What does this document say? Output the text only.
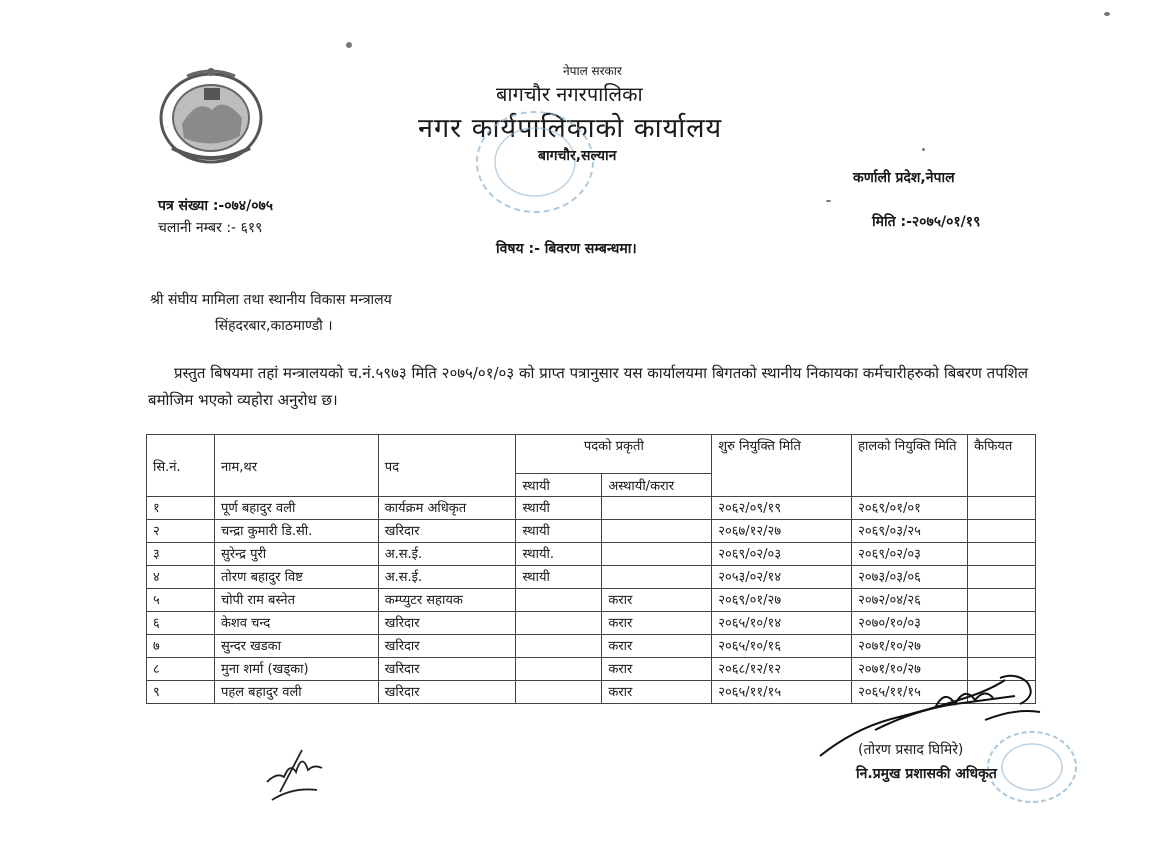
नेपाल सरकार
बागचौर नगरपालिका
नगर कार्यपालिकाको कार्यालय
बागचौर,सल्यान
कर्णाली प्रदेश,नेपाल
पत्र संख्या :-०७४/०७५
चलानी नम्बर :- ६१९	मिति :-२०७५/०१/१९
विषय :- बिवरण सम्बन्धमा।
श्री संघीय मामिला तथा स्थानीय विकास मन्त्रालय
सिंहदरबार,काठमाण्डौ ।
प्रस्तुत बिषयमा तहां मन्त्रालयको च.नं.५९७३ मिति २०७५/०१/०३ को प्राप्त पत्रानुसार यस कार्यालयमा बिगतको स्थानीय निकायका कर्मचारीहरुको बिबरण तपशिल बमोजिम भएको व्यहोरा अनुरोध छ।
सि.नं.	नाम,थर	पद	पदको प्रकृती		शुरु नियुक्ति मिति	हालको नियुक्ति मिति	कैफियत
			स्थायी	अस्थायी/करार			
१	पूर्ण बहादुर वली	कार्यक्रम अधिकृत	स्थायी		२०६२/०९/१९	२०६९/०१/०१	
२	चन्द्रा कुमारी डि.सी.	खरिदार	स्थायी		२०६७/१२/२७	२०६९/०३/२५	
३	सुरेन्द्र पुरी	अ.स.ई.	स्थायी.		२०६९/०२/०३	२०६९/०२/०३	
४	तोरण बहादुर विष्ट	अ.स.ई.	स्थायी		२०५३/०२/१४	२०७३/०३/०६	
५	चोपी राम बस्नेत	कम्प्युटर सहायक		करार	२०६९/०१/२७	२०७२/०४/२६	
६	केशव चन्द	खरिदार		करार	२०६५/१०/१४	२०७०/१०/०३	
७	सुन्दर खडका	खरिदार		करार	२०६५/१०/१६	२०७१/१०/२७	
८	मुना शर्मा (खड्का)	खरिदार		करार	२०६८/१२/१२	२०७१/१०/२७	
९	पहल बहादुर वली	खरिदार		करार	२०६५/११/१५	२०६५/११/१५	
(तोरण प्रसाद घिमिरे)
नि.प्रमुख प्रशासकी अधिकृत
